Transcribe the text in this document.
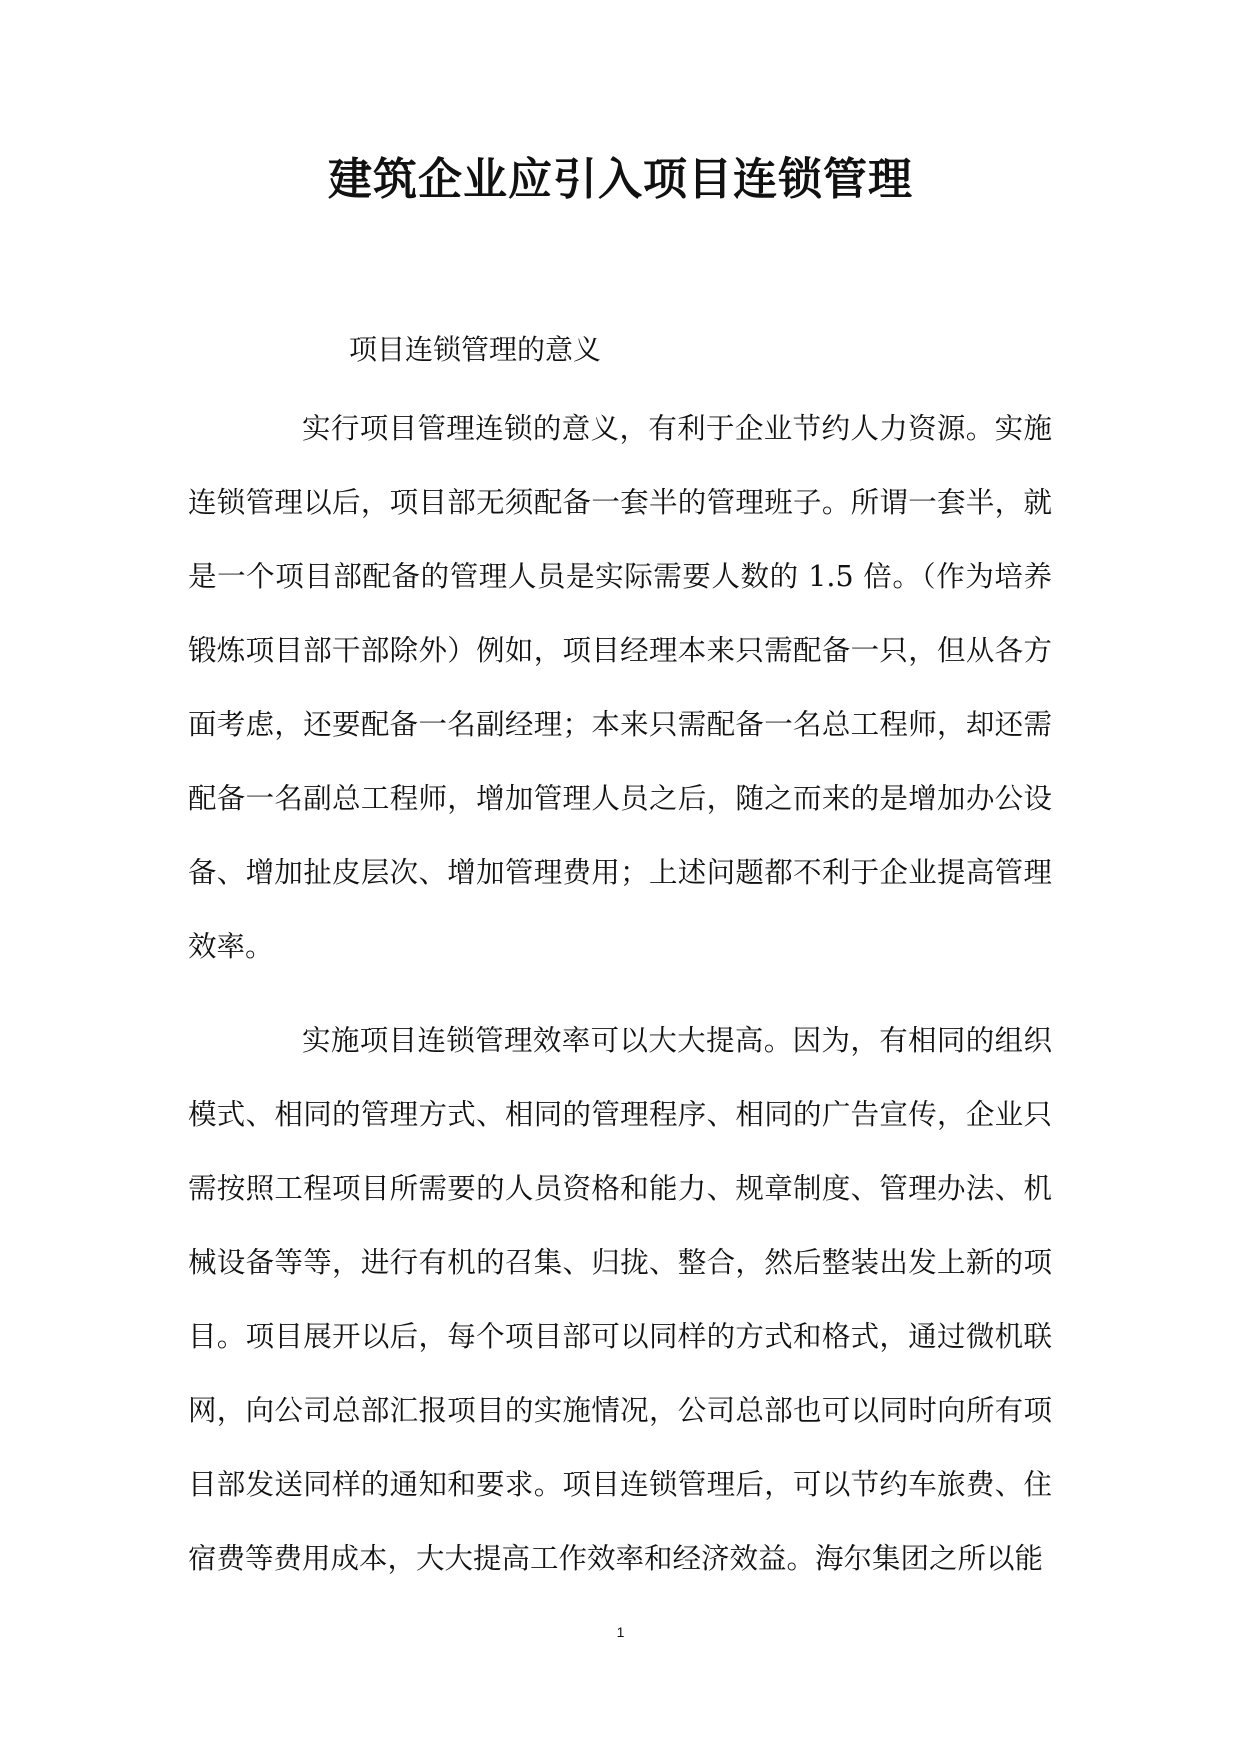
建筑企业应引入项目连锁管理

项目连锁管理的意义

实行项目管理连锁的意义，有利于企业节约人力资源。实施连锁管理以后，项目部无须配备一套半的管理班子。所谓一套半，就是一个项目部配备的管理人员是实际需要人数的 1.5 倍。（作为培养锻炼项目部干部除外）例如，项目经理本来只需配备一只，但从各方面考虑，还要配备一名副经理；本来只需配备一名总工程师，却还需配备一名副总工程师，增加管理人员之后，随之而来的是增加办公设备、增加扯皮层次、增加管理费用；上述问题都不利于企业提高管理效率。

实施项目连锁管理效率可以大大提高。因为，有相同的组织模式、相同的管理方式、相同的管理程序、相同的广告宣传，企业只需按照工程项目所需要的人员资格和能力、规章制度、管理办法、机械设备等等，进行有机的召集、归拢、整合，然后整装出发上新的项目。项目展开以后，每个项目部可以同样的方式和格式，通过微机联网，向公司总部汇报项目的实施情况，公司总部也可以同时向所有项目部发送同样的通知和要求。项目连锁管理后，可以节约车旅费、住宿费等费用成本，大大提高工作效率和经济效益。海尔集团之所以能

1
